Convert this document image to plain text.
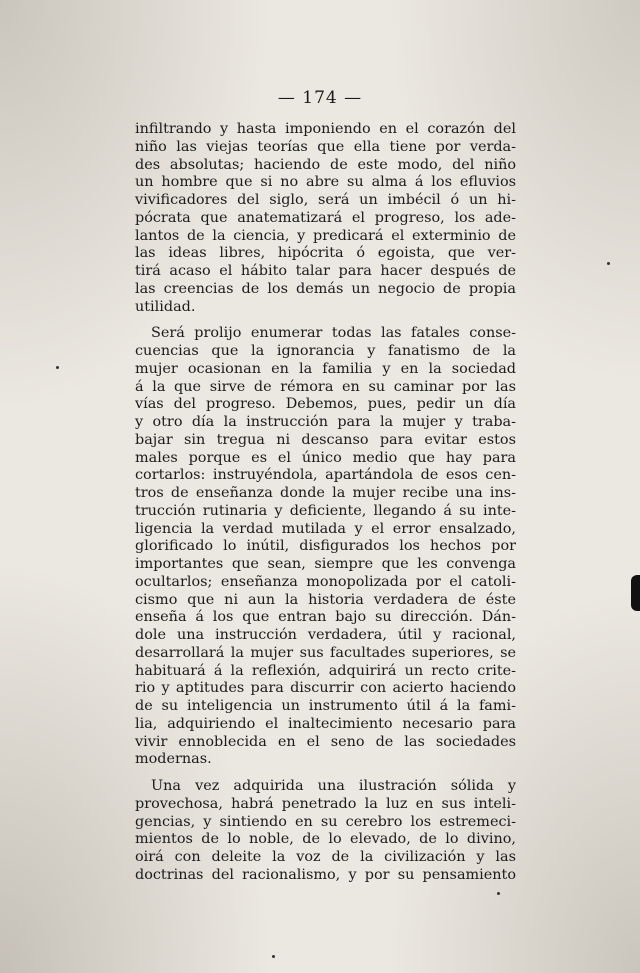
— 174 —
infiltrando y hasta imponiendo en el corazón del
niño las viejas teorías que ella tiene por verda-
des absolutas; haciendo de este modo, del niño
un hombre que si no abre su alma á los efluvios
vivificadores del siglo, será un imbécil ó un hi-
pócrata que anatematizará el progreso, los ade-
lantos de la ciencia, y predicará el exterminio de
las ideas libres, hipócrita ó egoista, que ver-
tirá acaso el hábito talar para hacer después de
las creencias de los demás un negocio de propia
utilidad.
Será prolijo enumerar todas las fatales conse-
cuencias que la ignorancia y fanatismo de la
mujer ocasionan en la familia y en la sociedad
á la que sirve de rémora en su caminar por las
vías del progreso. Debemos, pues, pedir un día
y otro día la instrucción para la mujer y traba-
bajar sin tregua ni descanso para evitar estos
males porque es el único medio que hay para
cortarlos: instruyéndola, apartándola de esos cen-
tros de enseñanza donde la mujer recibe una ins-
trucción rutinaria y deficiente, llegando á su inte-
ligencia la verdad mutilada y el error ensalzado,
glorificado lo inútil, disfigurados los hechos por
importantes que sean, siempre que les convenga
ocultarlos; enseñanza monopolizada por el catoli-
cismo que ni aun la historia verdadera de éste
enseña á los que entran bajo su dirección. Dán-
dole una instrucción verdadera, útil y racional,
desarrollará la mujer sus facultades superiores, se
habituará á la reflexión, adquirirá un recto crite-
rio y aptitudes para discurrir con acierto haciendo
de su inteligencia un instrumento útil á la fami-
lia, adquiriendo el inaltecimiento necesario para
vivir ennoblecida en el seno de las sociedades
modernas.
Una vez adquirida una ilustración sólida y
provechosa, habrá penetrado la luz en sus inteli-
gencias, y sintiendo en su cerebro los estremeci-
mientos de lo noble, de lo elevado, de lo divino,
oirá con deleite la voz de la civilización y las
doctrinas del racionalismo, y por su pensamiento
